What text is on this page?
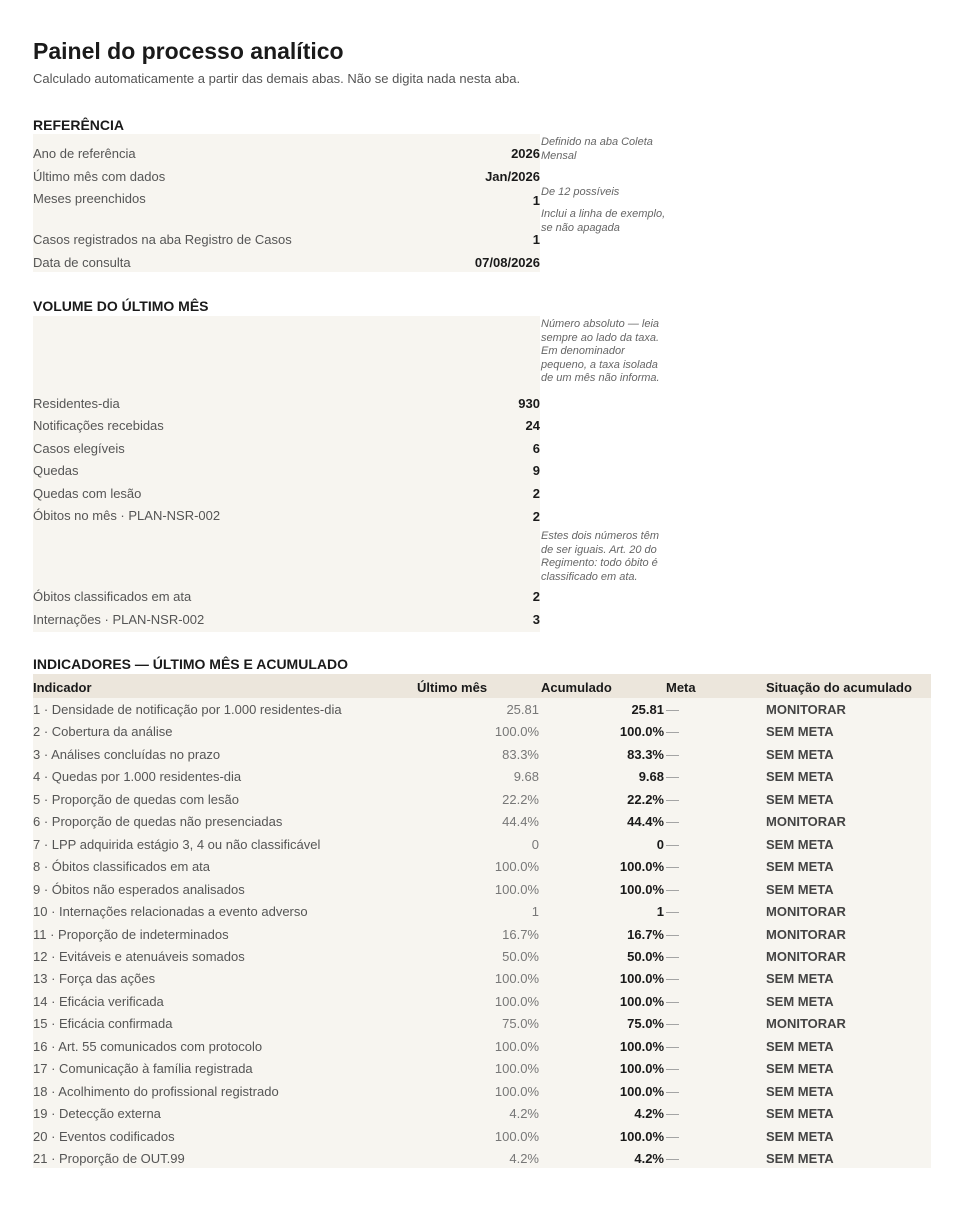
Painel do processo analítico
Calculado automaticamente a partir das demais abas. Não se digita nada nesta aba.
REFERÊNCIA
Ano de referência	2026
Definido na aba Coleta Mensal
Último mês com dados	Jan/2026
Meses preenchidos	1
De 12 possíveis
Casos registrados na aba Registro de Casos	1
Inclui a linha de exemplo, se não apagada
Data de consulta	07/08/2026
VOLUME DO ÚLTIMO MÊS
Residentes-dia	930
Número absoluto — leia sempre ao lado da taxa. Em denominador pequeno, a taxa isolada de um mês não informa.
Notificações recebidas	24
Casos elegíveis	6
Quedas	9
Quedas com lesão	2
Óbitos no mês · PLAN-NSR-002	2
Óbitos classificados em ata	2
Estes dois números têm de ser iguais. Art. 20 do Regimento: todo óbito é classificado em ata.
Internações · PLAN-NSR-002	3
INDICADORES — ÚLTIMO MÊS E ACUMULADO
Indicador	Último mês	Acumulado	Meta	Situação do acumulado
1 · Densidade de notificação por 1.000 residentes-dia	25.81	25.81 —	MONITORAR
2 · Cobertura da análise	100.0%	100.0% —	SEM META
3 · Análises concluídas no prazo	83.3%	83.3% —	SEM META
4 · Quedas por 1.000 residentes-dia	9.68	9.68 —	SEM META
5 · Proporção de quedas com lesão	22.2%	22.2% —	SEM META
6 · Proporção de quedas não presenciadas	44.4%	44.4% —	MONITORAR
7 · LPP adquirida estágio 3, 4 ou não classificável	0	0 —	SEM META
8 · Óbitos classificados em ata	100.0%	100.0% —	SEM META
9 · Óbitos não esperados analisados	100.0%	100.0% —	SEM META
10 · Internações relacionadas a evento adverso	1	1 —	MONITORAR
11 · Proporção de indeterminados	16.7%	16.7% —	MONITORAR
12 · Evitáveis e atenuáveis somados	50.0%	50.0% —	MONITORAR
13 · Força das ações	100.0%	100.0% —	SEM META
14 · Eficácia verificada	100.0%	100.0% —	SEM META
15 · Eficácia confirmada	75.0%	75.0% —	MONITORAR
16 · Art. 55 comunicados com protocolo	100.0%	100.0% —	SEM META
17 · Comunicação à família registrada	100.0%	100.0% —	SEM META
18 · Acolhimento do profissional registrado	100.0%	100.0% —	SEM META
19 · Detecção externa	4.2%	4.2% —	SEM META
20 · Eventos codificados	100.0%	100.0% —	SEM META
21 · Proporção de OUT.99	4.2%	4.2% —	SEM META
